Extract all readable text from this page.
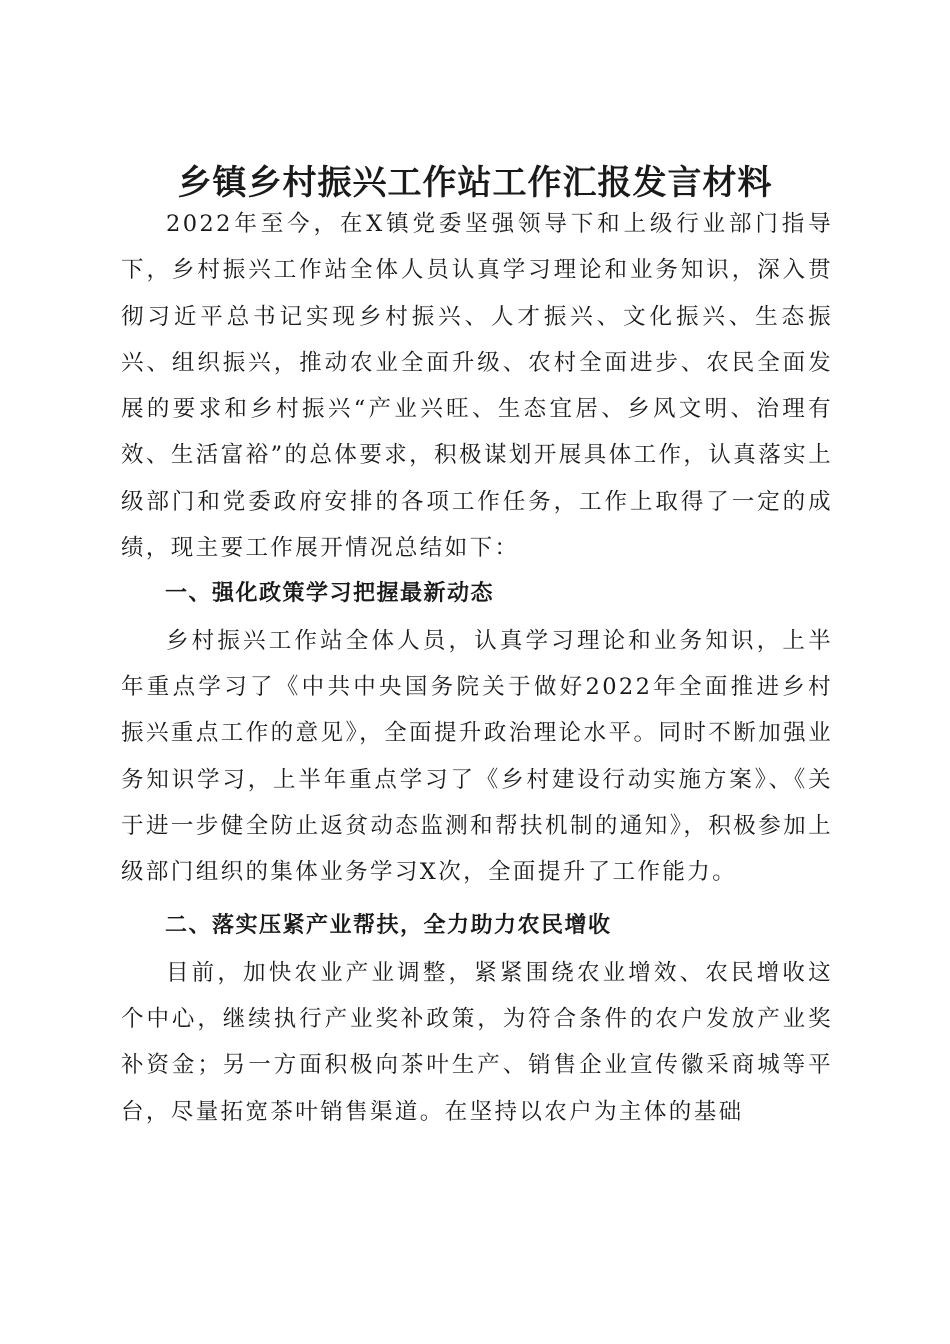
乡镇乡村振兴工作站工作汇报发言材料

2022年至今，在X镇党委坚强领导下和上级行业部门指导下，乡村振兴工作站全体人员认真学习理论和业务知识，深入贯彻习近平总书记实现乡村振兴、人才振兴、文化振兴、生态振兴、组织振兴，推动农业全面升级、农村全面进步、农民全面发展的要求和乡村振兴“产业兴旺、生态宜居、乡风文明、治理有效、生活富裕”的总体要求，积极谋划开展具体工作，认真落实上级部门和党委政府安排的各项工作任务，工作上取得了一定的成绩，现主要工作展开情况总结如下：

一、强化政策学习把握最新动态

乡村振兴工作站全体人员，认真学习理论和业务知识，上半年重点学习了《中共中央国务院关于做好2022年全面推进乡村振兴重点工作的意见》，全面提升政治理论水平。同时不断加强业务知识学习，上半年重点学习了《乡村建设行动实施方案》、《关于进一步健全防止返贫动态监测和帮扶机制的通知》，积极参加上级部门组织的集体业务学习X次，全面提升了工作能力。

二、落实压紧产业帮扶，全力助力农民增收

目前，加快农业产业调整，紧紧围绕农业增效、农民增收这个中心，继续执行产业奖补政策，为符合条件的农户发放产业奖补资金；另一方面积极向茶叶生产、销售企业宣传徽采商城等平台，尽量拓宽茶叶销售渠道。在坚持以农户为主体的基础
